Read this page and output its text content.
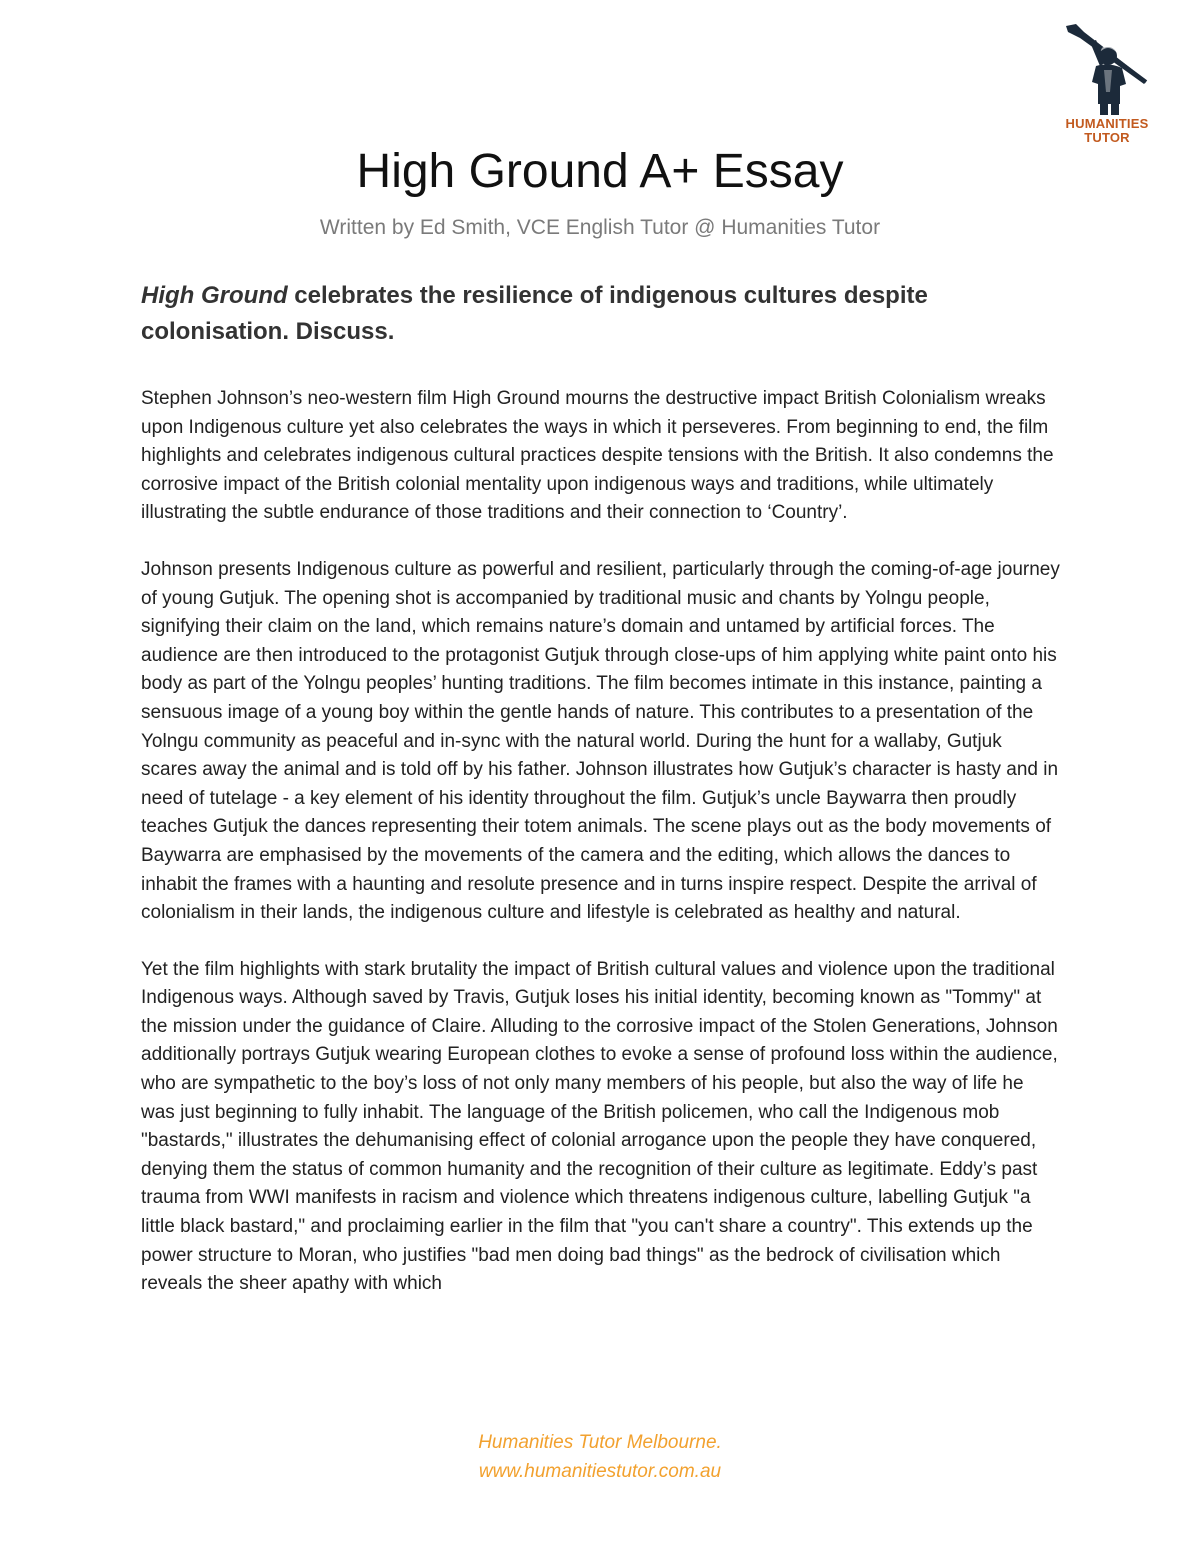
HUMANITIES
TUTOR
High Ground A+ Essay
Written by Ed Smith, VCE English Tutor @ Humanities Tutor
High Ground celebrates the resilience of indigenous cultures despite colonisation. Discuss.

Stephen Johnson’s neo-western film High Ground mourns the destructive impact British Colonialism wreaks upon Indigenous culture yet also celebrates the ways in which it perseveres. From beginning to end, the film highlights and celebrates indigenous cultural practices despite tensions with the British. It also condemns the corrosive impact of the British colonial mentality upon indigenous ways and traditions, while ultimately illustrating the subtle endurance of those traditions and their connection to ‘Country’.

Johnson presents Indigenous culture as powerful and resilient, particularly through the coming-of-age journey of young Gutjuk. The opening shot is accompanied by traditional music and chants by Yolngu people, signifying their claim on the land, which remains nature’s domain and untamed by artificial forces. The audience are then introduced to the protagonist Gutjuk through close-ups of him applying white paint onto his body as part of the Yolngu peoples’ hunting traditions. The film becomes intimate in this instance, painting a sensuous image of a young boy within the gentle hands of nature. This contributes to a presentation of the Yolngu community as peaceful and in-sync with the natural world. During the hunt for a wallaby, Gutjuk scares away the animal and is told off by his father. Johnson illustrates how Gutjuk’s character is hasty and in need of tutelage - a key element of his identity throughout the film. Gutjuk’s uncle Baywarra then proudly teaches Gutjuk the dances representing their totem animals. The scene plays out as the body movements of Baywarra are emphasised by the movements of the camera and the editing, which allows the dances to inhabit the frames with a haunting and resolute presence and in turns inspire respect. Despite the arrival of colonialism in their lands, the indigenous culture and lifestyle is celebrated as healthy and natural.

Yet the film highlights with stark brutality the impact of British cultural values and violence upon the traditional Indigenous ways. Although saved by Travis, Gutjuk loses his initial identity, becoming known as "Tommy" at the mission under the guidance of Claire. Alluding to the corrosive impact of the Stolen Generations, Johnson additionally portrays Gutjuk wearing European clothes to evoke a sense of profound loss within the audience, who are sympathetic to the boy’s loss of not only many members of his people, but also the way of life he was just beginning to fully inhabit. The language of the British policemen, who call the Indigenous mob "bastards," illustrates the dehumanising effect of colonial arrogance upon the people they have conquered, denying them the status of common humanity and the recognition of their culture as legitimate. Eddy’s past trauma from WWI manifests in racism and violence which threatens indigenous culture, labelling Gutjuk "a little black bastard," and proclaiming earlier in the film that "you can't share a country". This extends up the power structure to Moran, who justifies "bad men doing bad things" as the bedrock of civilisation which reveals the sheer apathy with which

Humanities Tutor Melbourne.
www.humanitiestutor.com.au
